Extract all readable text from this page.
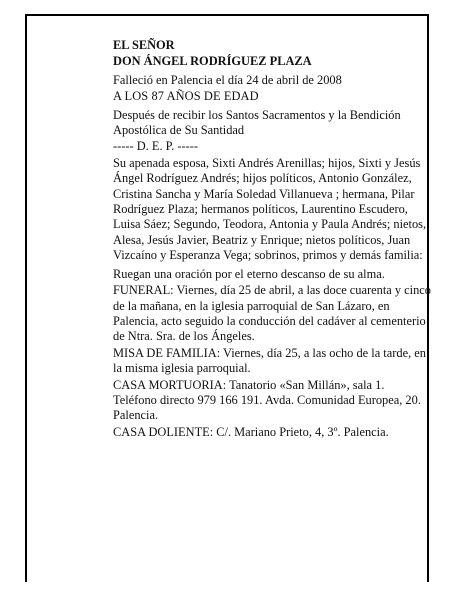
EL SEÑOR

DON ÁNGEL RODRÍGUEZ PLAZA

Falleció en Palencia el día 24 de abril de 2008

A LOS 87 AÑOS DE EDAD

Después de recibir los Santos Sacramentos y la Bendición Apostólica de Su Santidad

----- D. E. P. -----

Su apenada esposa, Sixti Andrés Arenillas; hijos, Sixti y Jesús Ángel Rodríguez Andrés; hijos políticos, Antonio González, Cristina Sancha y María Soledad Villanueva ; hermana, Pilar Rodríguez Plaza; hermanos políticos, Laurentino Escudero, Luisa Sáez; Segundo, Teodora, Antonia y Paula Andrés; nietos, Alesa, Jesús Javier, Beatriz y Enrique; nietos políticos, Juan Vizcaíno y Esperanza Vega; sobrinos, primos y demás familia:

Ruegan una oración por el eterno descanso de su alma.

FUNERAL: Viernes, día 25 de abril, a las doce cuarenta y cinco de la mañana, en la iglesia parroquial de San Lázaro, en Palencia, acto seguido la conducción del cadáver al cementerio de Ntra. Sra. de los Ángeles.

MISA DE FAMILIA: Viernes, día 25, a las ocho de la tarde, en la misma iglesia parroquial.

CASA MORTUORIA: Tanatorio «San Millán», sala 1. Teléfono directo 979 166 191. Avda. Comunidad Europea, 20. Palencia.

CASA DOLIENTE: C/. Mariano Prieto, 4, 3º. Palencia.
